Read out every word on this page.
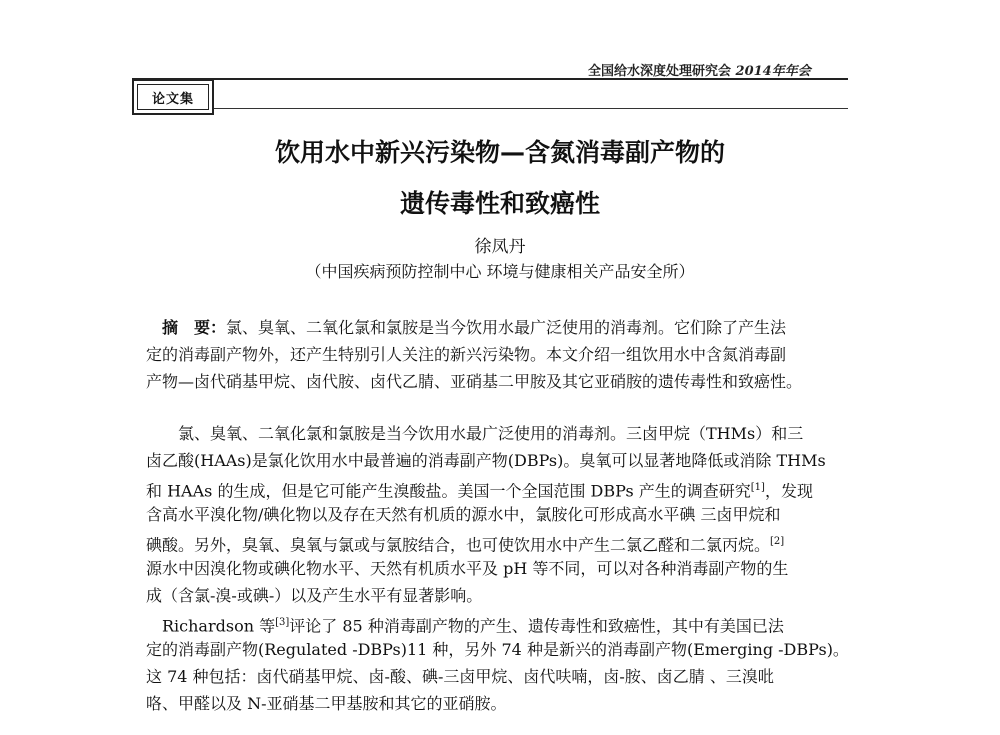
全国给水深度处理研究会 2014年年会
论文集
饮用水中新兴污染物—含氮消毒副产物的
遗传毒性和致癌性
徐凤丹
（中国疾病预防控制中心 环境与健康相关产品安全所）
摘　要：氯、臭氧、二氧化氯和氯胺是当今饮用水最广泛使用的消毒剂。它们除了产生法
定的消毒副产物外，还产生特别引人关注的新兴污染物。本文介绍一组饮用水中含氮消毒副
产物—卤代硝基甲烷、卤代胺、卤代乙腈、亚硝基二甲胺及其它亚硝胺的遗传毒性和致癌性。
氯、臭氧、二氧化氯和氯胺是当今饮用水最广泛使用的消毒剂。三卤甲烷（THMs）和三
卤乙酸(HAAs)是氯化饮用水中最普遍的消毒副产物(DBPs)。臭氧可以显著地降低或消除 THMs
和 HAAs 的生成，但是它可能产生溴酸盐。美国一个全国范围 DBPs 产生的调查研究[1]，发现
含高水平溴化物/碘化物以及存在天然有机质的源水中，氯胺化可形成高水平碘 三卤甲烷和
碘酸。另外，臭氧、臭氧与氯或与氯胺结合，也可使饮用水中产生二氯乙醛和二氯丙烷。[2]
源水中因溴化物或碘化物水平、天然有机质水平及 pH 等不同，可以对各种消毒副产物的生
成（含氯-溴-或碘-）以及产生水平有显著影响。
Richardson 等[3]评论了 85 种消毒副产物的产生、遗传毒性和致癌性，其中有美国已法
定的消毒副产物(Regulated -DBPs)11 种，另外 74 种是新兴的消毒副产物(Emerging -DBPs)。
这 74 种包括：卤代硝基甲烷、卤-酸、碘-三卤甲烷、卤代呋喃，卤-胺、卤乙腈 、三溴吡
咯、甲醛以及 N-亚硝基二甲基胺和其它的亚硝胺。
